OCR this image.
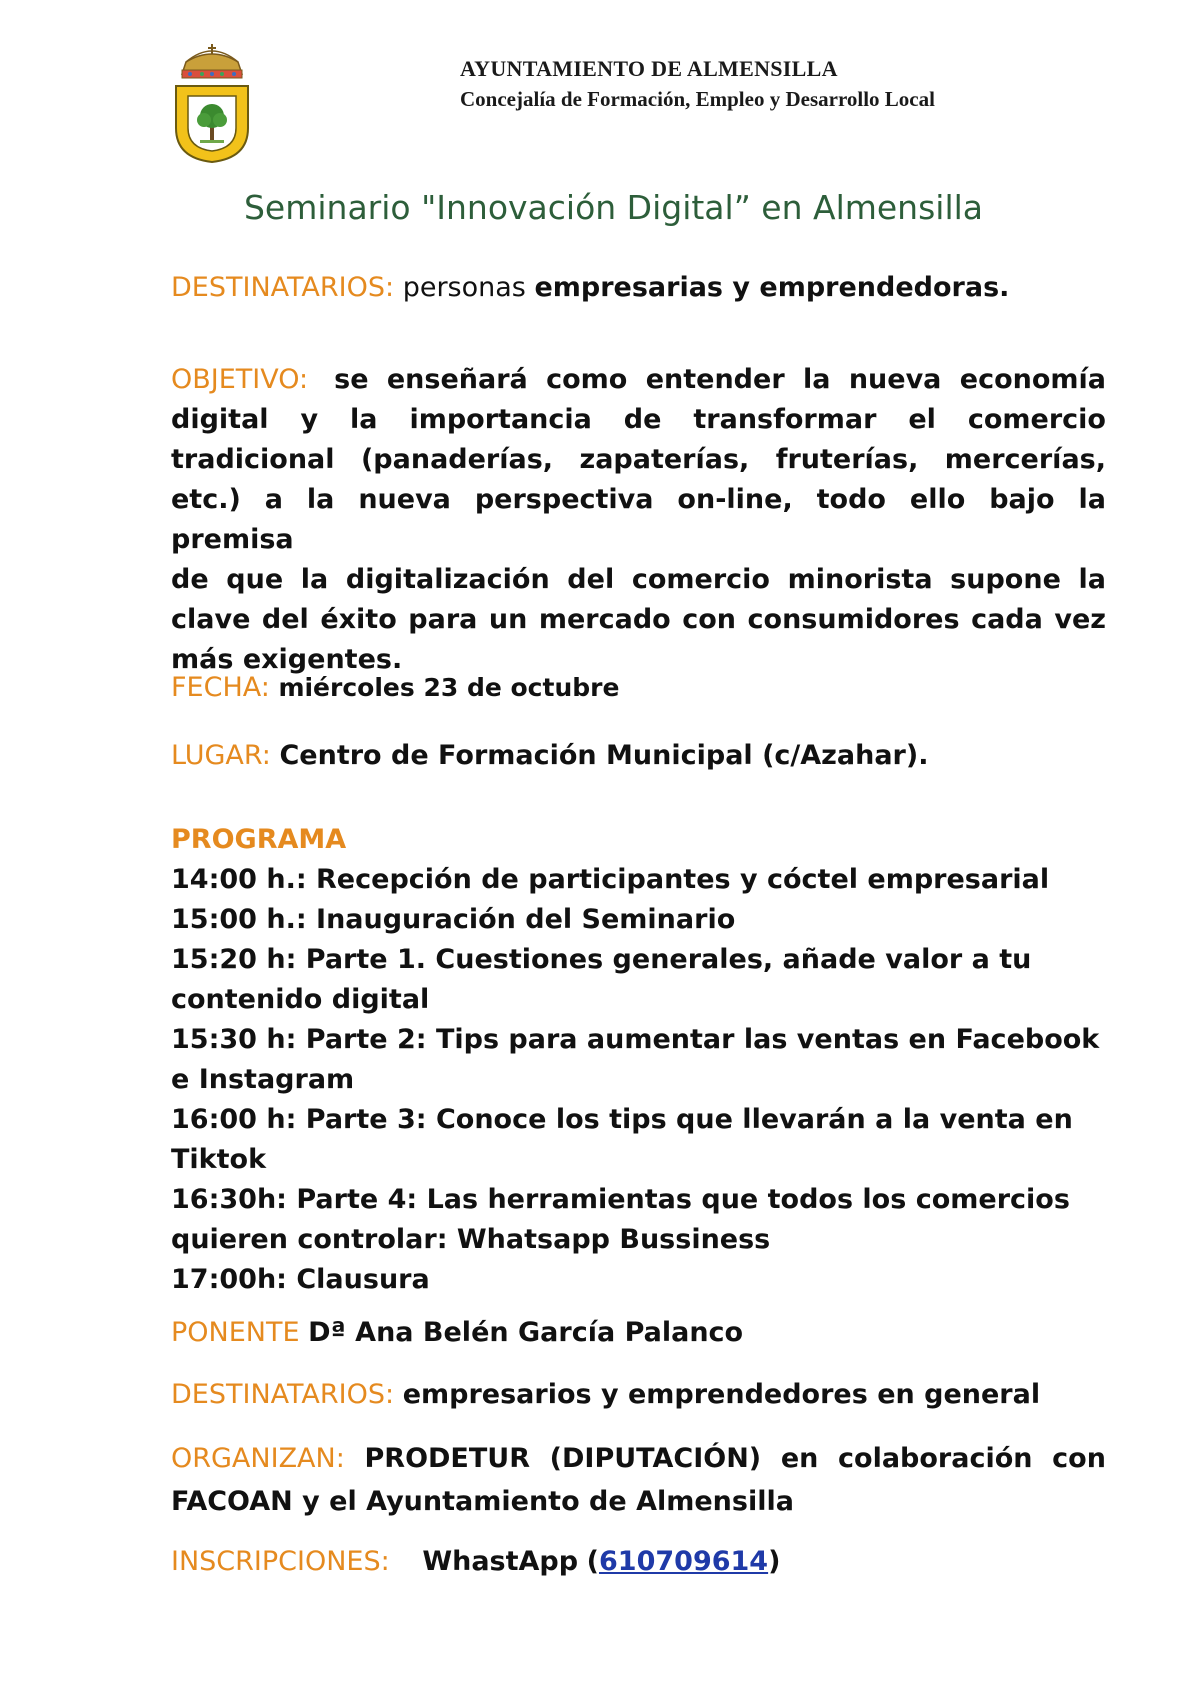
AYUNTAMIENTO DE ALMENSILLA
Concejalía de Formación, Empleo y Desarrollo Local
Seminario "Innovación Digital” en Almensilla
DESTINATARIOS: personas empresarias y emprendedoras.
OBJETIVO: se enseñará como entender la nueva economía
digital y la importancia de transformar el comercio
tradicional (panaderías, zapaterías, fruterías, mercerías,
etc.) a la nueva perspectiva on-line, todo ello bajo la premisa
de que la digitalización del comercio minorista supone la
clave del éxito para un mercado con consumidores cada vez
más exigentes.
FECHA: miércoles 23 de octubre
LUGAR: Centro de Formación Municipal (c/Azahar).
PROGRAMA
14:00 h.: Recepción de participantes y cóctel empresarial
15:00 h.: Inauguración del Seminario
15:20 h: Parte 1. Cuestiones generales, añade valor a tu
contenido digital
15:30 h: Parte 2: Tips para aumentar las ventas en Facebook
e Instagram
16:00 h: Parte 3: Conoce los tips que llevarán a la venta en
Tiktok
16:30h: Parte 4: Las herramientas que todos los comercios
quieren controlar: Whatsapp Bussiness
17:00h: Clausura
PONENTE Dª Ana Belén García Palanco
DESTINATARIOS: empresarios y emprendedores en general
ORGANIZAN: PRODETUR (DIPUTACIÓN) en colaboración con
FACOAN y el Ayuntamiento de Almensilla
INSCRIPCIONES: WhastApp (610709614)
